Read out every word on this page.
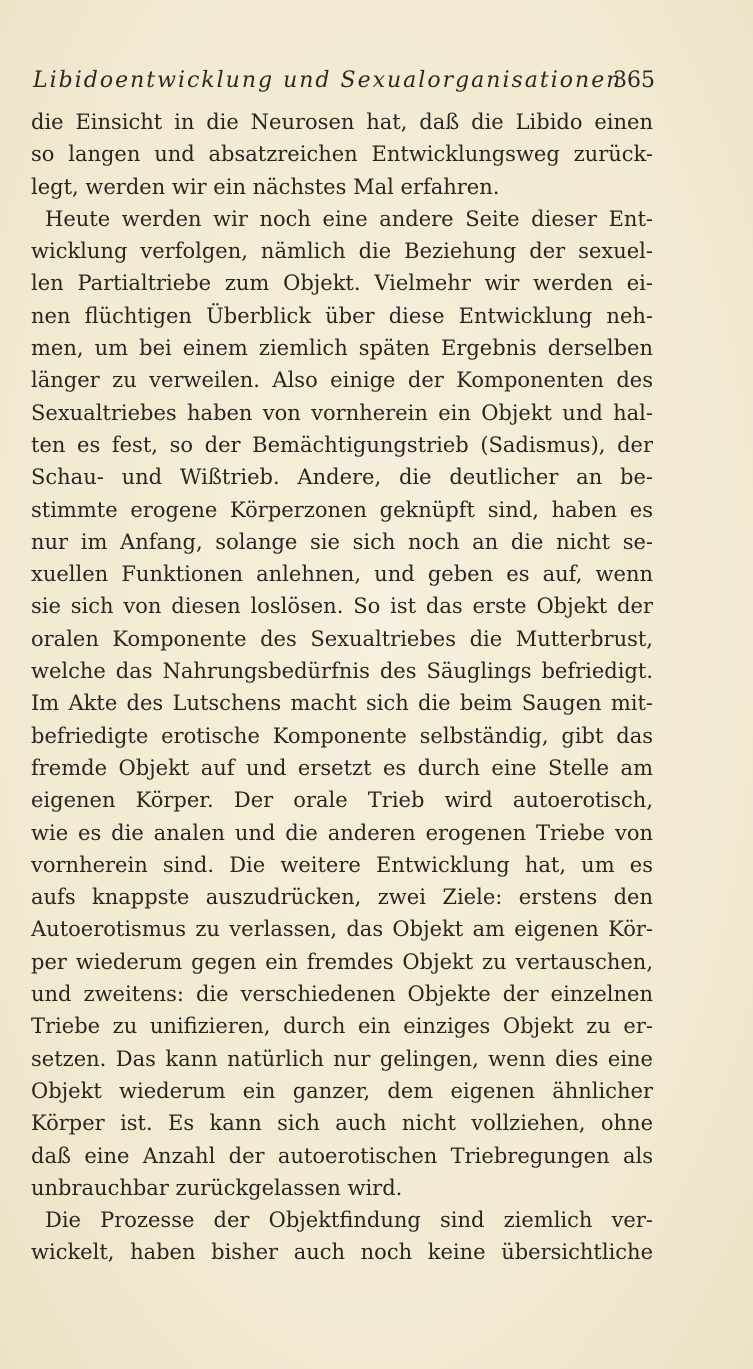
Libidoentwicklung und Sexualorganisationen
365
die Einsicht in die Neurosen hat, daß die Libido einen
so langen und absatzreichen Entwicklungsweg zurück-
legt, werden wir ein nächstes Mal erfahren.
Heute werden wir noch eine andere Seite dieser Ent-
wicklung verfolgen, nämlich die Beziehung der sexuel-
len Partialtriebe zum Objekt. Vielmehr wir werden ei-
nen flüchtigen Überblick über diese Entwicklung neh-
men, um bei einem ziemlich späten Ergebnis derselben
länger zu verweilen. Also einige der Komponenten des
Sexualtriebes haben von vornherein ein Objekt und hal-
ten es fest, so der Bemächtigungstrieb (Sadismus), der
Schau- und Wißtrieb. Andere, die deutlicher an be-
stimmte erogene Körperzonen geknüpft sind, haben es
nur im Anfang, solange sie sich noch an die nicht se-
xuellen Funktionen anlehnen, und geben es auf, wenn
sie sich von diesen loslösen. So ist das erste Objekt der
oralen Komponente des Sexualtriebes die Mutterbrust,
welche das Nahrungsbedürfnis des Säuglings befriedigt.
Im Akte des Lutschens macht sich die beim Saugen mit-
befriedigte erotische Komponente selbständig, gibt das
fremde Objekt auf und ersetzt es durch eine Stelle am
eigenen Körper. Der orale Trieb wird autoerotisch,
wie es die analen und die anderen erogenen Triebe von
vornherein sind. Die weitere Entwicklung hat, um es
aufs knappste auszudrücken, zwei Ziele: erstens den
Autoerotismus zu verlassen, das Objekt am eigenen Kör-
per wiederum gegen ein fremdes Objekt zu vertauschen,
und zweitens: die verschiedenen Objekte der einzelnen
Triebe zu unifizieren, durch ein einziges Objekt zu er-
setzen. Das kann natürlich nur gelingen, wenn dies eine
Objekt wiederum ein ganzer, dem eigenen ähnlicher
Körper ist. Es kann sich auch nicht vollziehen, ohne
daß eine Anzahl der autoerotischen Triebregungen als
unbrauchbar zurückgelassen wird.
Die Prozesse der Objektfindung sind ziemlich ver-
wickelt, haben bisher auch noch keine übersichtliche
